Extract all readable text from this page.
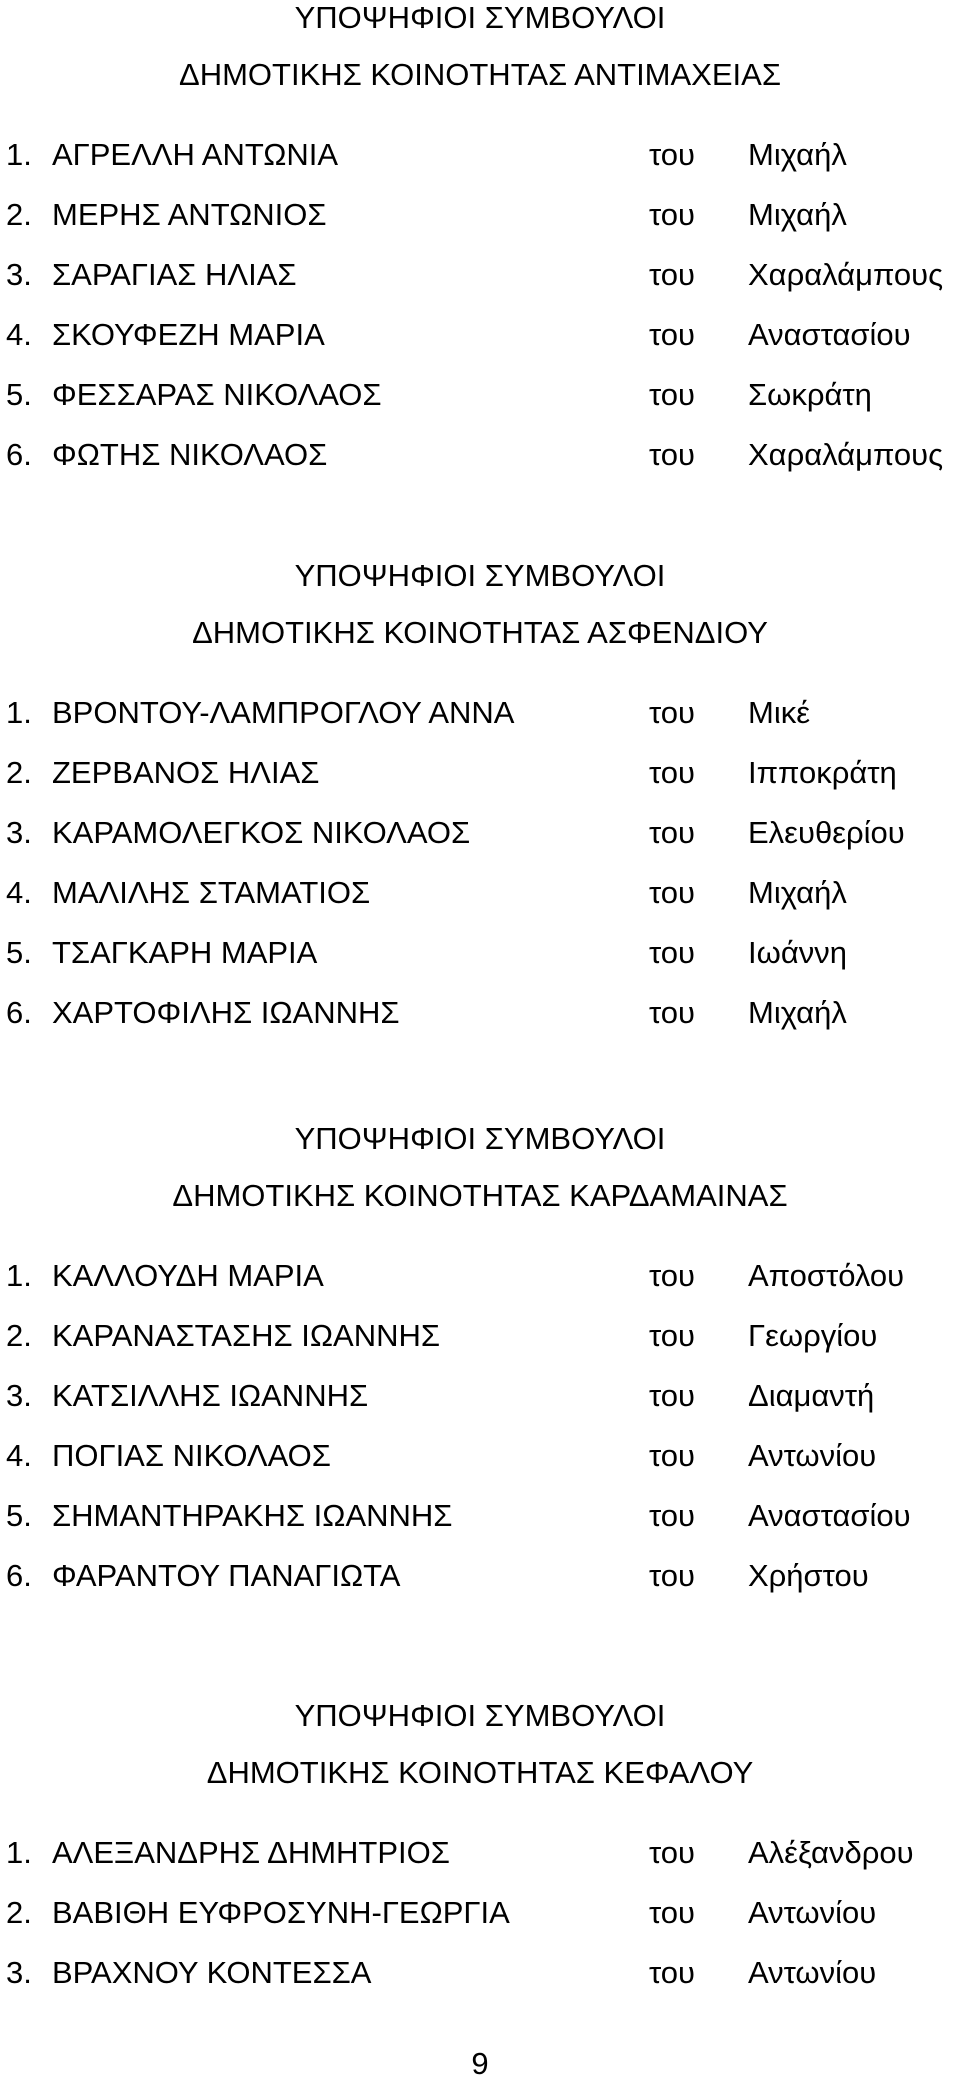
ΥΠΟΨΗΦΙΟΙ ΣΥΜΒΟΥΛΟΙ
ΔΗΜΟΤΙΚΗΣ ΚΟΙΝΟΤΗΤΑΣ ΑΝΤΙΜΑΧΕΙΑΣ
1. ΑΓΡΕΛΛΗ ΑΝΤΩΝΙΑ	του Μιχαήλ
2. ΜΕΡΗΣ ΑΝΤΩΝΙΟΣ	του Μιχαήλ
3. ΣΑΡΑΓΙΑΣ ΗΛΙΑΣ	του Χαραλάμπους
4. ΣΚΟΥΦΕΖΗ ΜΑΡΙΑ	του Αναστασίου
5. ΦΕΣΣΑΡΑΣ ΝΙΚΟΛΑΟΣ	του Σωκράτη
6. ΦΩΤΗΣ ΝΙΚΟΛΑΟΣ	του Χαραλάμπους
ΥΠΟΨΗΦΙΟΙ ΣΥΜΒΟΥΛΟΙ
ΔΗΜΟΤΙΚΗΣ ΚΟΙΝΟΤΗΤΑΣ ΑΣΦΕΝΔΙΟΥ
1. ΒΡΟΝΤΟΥ-ΛΑΜΠΡΟΓΛΟΥ ΑΝΝΑ	του Μικέ
2. ΖΕΡΒΑΝΟΣ ΗΛΙΑΣ	του Ιπποκράτη
3. ΚΑΡΑΜΟΛΕΓΚΟΣ ΝΙΚΟΛΑΟΣ	του Ελευθερίου
4. ΜΑΛΙΛΗΣ ΣΤΑΜΑΤΙΟΣ	του Μιχαήλ
5. ΤΣΑΓΚΑΡΗ ΜΑΡΙΑ	του Ιωάννη
6. ΧΑΡΤΟΦΙΛΗΣ ΙΩΑΝΝΗΣ	του Μιχαήλ
ΥΠΟΨΗΦΙΟΙ ΣΥΜΒΟΥΛΟΙ
ΔΗΜΟΤΙΚΗΣ ΚΟΙΝΟΤΗΤΑΣ ΚΑΡΔΑΜΑΙΝΑΣ
1. ΚΑΛΛΟΥΔΗ ΜΑΡΙΑ	του Αποστόλου
2. ΚΑΡΑΝΑΣΤΑΣΗΣ ΙΩΑΝΝΗΣ	του Γεωργίου
3. ΚΑΤΣΙΛΛΗΣ ΙΩΑΝΝΗΣ	του Διαμαντή
4. ΠΟΓΙΑΣ ΝΙΚΟΛΑΟΣ	του Αντωνίου
5. ΣΗΜΑΝΤΗΡΑΚΗΣ ΙΩΑΝΝΗΣ	του Αναστασίου
6. ΦΑΡΑΝΤΟΥ ΠΑΝΑΓΙΩΤΑ	του Χρήστου
ΥΠΟΨΗΦΙΟΙ ΣΥΜΒΟΥΛΟΙ
ΔΗΜΟΤΙΚΗΣ ΚΟΙΝΟΤΗΤΑΣ ΚΕΦΑΛΟΥ
1. ΑΛΕΞΑΝΔΡΗΣ ΔΗΜΗΤΡΙΟΣ	του Αλέξανδρου
2. ΒΑΒΙΘΗ ΕΥΦΡΟΣΥΝΗ-ΓΕΩΡΓΙΑ	του Αντωνίου
3. ΒΡΑΧΝΟΥ ΚΟΝΤΕΣΣΑ	του Αντωνίου
9
